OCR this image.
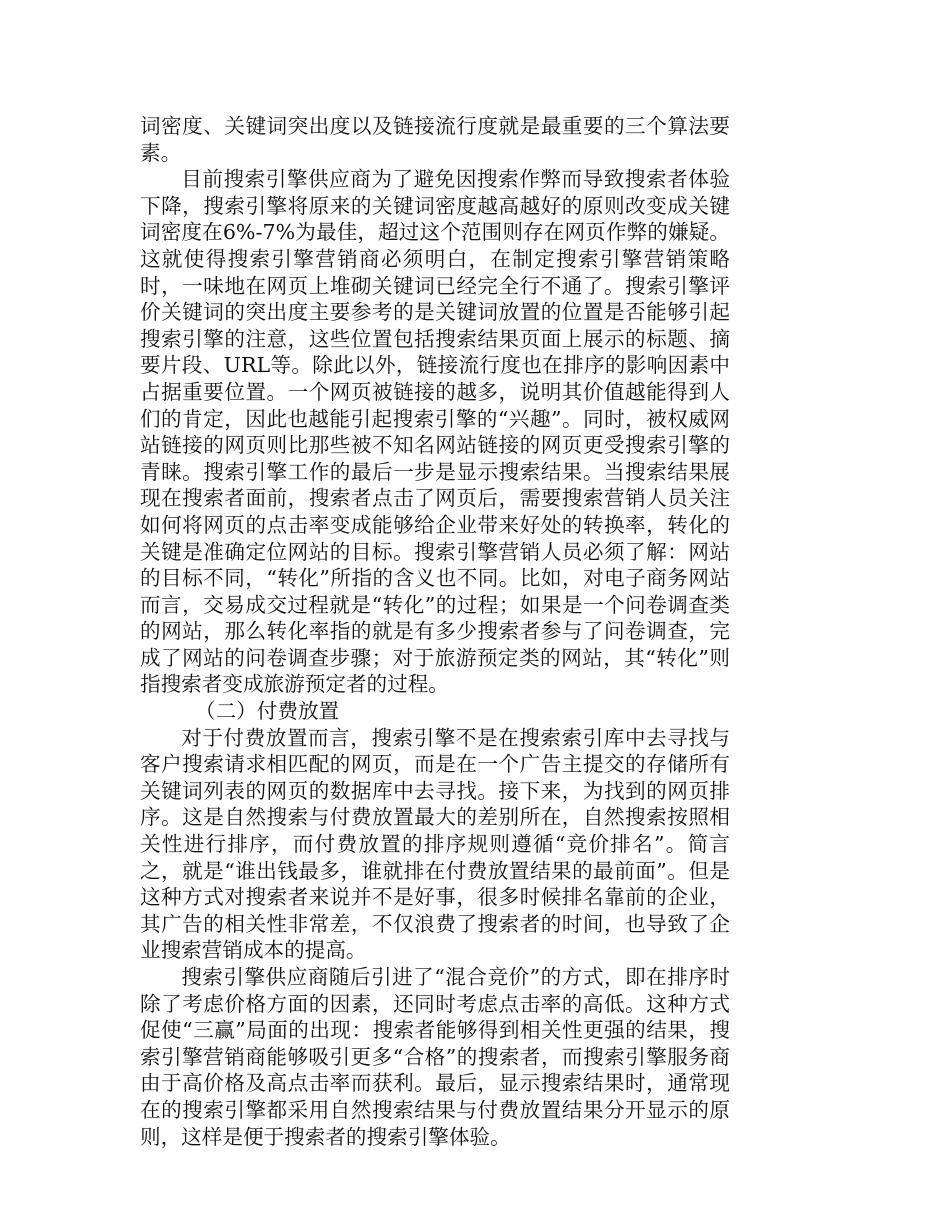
词密度、关键词突出度以及链接流行度就是最重要的三个算法要素。

目前搜索引擎供应商为了避免因搜索作弊而导致搜索者体验下降，搜索引擎将原来的关键词密度越高越好的原则改变成关键词密度在6%-7%为最佳，超过这个范围则存在网页作弊的嫌疑。这就使得搜索引擎营销商必须明白，在制定搜索引擎营销策略时，一味地在网页上堆砌关键词已经完全行不通了。搜索引擎评价关键词的突出度主要参考的是关键词放置的位置是否能够引起搜索引擎的注意，这些位置包括搜索结果页面上展示的标题、摘要片段、URL等。除此以外，链接流行度也在排序的影响因素中占据重要位置。一个网页被链接的越多，说明其价值越能得到人们的肯定，因此也越能引起搜索引擎的“兴趣”。同时，被权威网站链接的网页则比那些被不知名网站链接的网页更受搜索引擎的青睐。搜索引擎工作的最后一步是显示搜索结果。当搜索结果展现在搜索者面前，搜索者点击了网页后，需要搜索营销人员关注如何将网页的点击率变成能够给企业带来好处的转换率，转化的关键是准确定位网站的目标。搜索引擎营销人员必须了解：网站的目标不同，“转化”所指的含义也不同。比如，对电子商务网站而言，交易成交过程就是“转化”的过程；如果是一个问卷调查类的网站，那么转化率指的就是有多少搜索者参与了问卷调查，完成了网站的问卷调查步骤；对于旅游预定类的网站，其“转化”则指搜索者变成旅游预定者的过程。

（二）付费放置

对于付费放置而言，搜索引擎不是在搜索索引库中去寻找与客户搜索请求相匹配的网页，而是在一个广告主提交的存储所有关键词列表的网页的数据库中去寻找。接下来，为找到的网页排序。这是自然搜索与付费放置最大的差别所在，自然搜索按照相关性进行排序，而付费放置的排序规则遵循“竞价排名”。简言之，就是“谁出钱最多，谁就排在付费放置结果的最前面”。但是这种方式对搜索者来说并不是好事，很多时候排名靠前的企业，其广告的相关性非常差，不仅浪费了搜索者的时间，也导致了企业搜索营销成本的提高。

搜索引擎供应商随后引进了“混合竞价”的方式，即在排序时除了考虑价格方面的因素，还同时考虑点击率的高低。这种方式促使“三赢”局面的出现：搜索者能够得到相关性更强的结果，搜索引擎营销商能够吸引更多“合格”的搜索者，而搜索引擎服务商由于高价格及高点击率而获利。最后，显示搜索结果时，通常现在的搜索引擎都采用自然搜索结果与付费放置结果分开显示的原则，这样是便于搜索者的搜索引擎体验。
